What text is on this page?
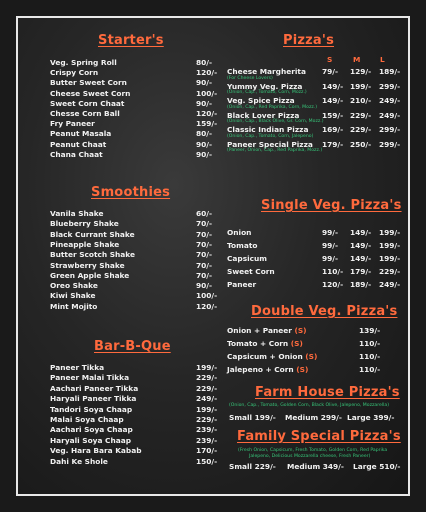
Starter's
Veg. Spring Roll	80/-
Crispy Corn	120/-
Butter Sweet Corn	90/-
Cheese Sweet Corn	100/-
Sweet Corn Chaat	90/-
Chesse Corn Ball	120/-
Fry Paneer	159/-
Peanut Masala	80/-
Peanut Chaat	90/-
Chana Chaat	90/-
Smoothies
Vanila Shake	60/-
Blueberry Shake	70/-
Black Currant Shake	70/-
Pineapple Shake	70/-
Butter Scotch Shake	70/-
Strawberry Shake	70/-
Green Apple Shake	70/-
Oreo Shake	90/-
Kiwi Shake	100/-
Mint Mojito	120/-
Bar-B-Que
Paneer Tikka	199/-
Paneer Malai Tikka	229/-
Aachari Paneer Tikka	229/-
Haryali Paneer Tikka	249/-
Tandori Soya Chaap	199/-
Malai Soya Chaap	229/-
Aachari Soya Chaap	239/-
Haryali Soya Chaap	239/-
Veg. Hara Bara Kabab	170/-
Dahi Ke Shole	150/-
Pizza's
S	M	L
Cheese Margherita 79/- 129/- 189/-
(For Cheese Lovers)
Yummy Veg. Pizza	149/- 199/- 299/-
(Onion, Cap., Tomato, Corn, Mozz.)
Veg. Spice Pizza	149/- 210/- 249/-
(Onion, Cap., Red Paprika, Corn, Mozz.)
Black Lover Pizza	159/- 229/- 249/-
(Onion, Cap., Black Olive, Gr. Corn, Mozz.)
Classic Indian Pizza 169/- 229/- 299/-
(Onion, Cap., Tomato, Corn, Jalepeno)
Paneer Special Pizza 179/- 250/- 299/-
(Paneer, Onion, Cap., Red Paprika, Mozz.)
Single Veg. Pizza's
Onion	99/- 149/- 199/-
Tomato	99/- 149/- 199/-
Capsicum	99/- 149/- 199/-
Sweet Corn	110/- 179/- 229/-
Paneer	120/- 189/- 249/-
Double Veg. Pizza's
Onion + Paneer (S)	139/-
Tomato + Corn (S)	110/-
Capsicum + Onion (S)	110/-
Jalepeno + Corn (S)	110/-
Farm House Pizza's
(Onion, Cap., Tomato, Golden Corn, Black Olive, Jalepeno, Mozzarella)
Small 199/- Medium 299/- Large 399/-
Family Special Pizza's
(Fresh Onion, Capsicum, Fresh Tomato, Golden Corn, Red Paprika
Jalepeno, Delicious Mozzarella cheese, Fresh Paneer)
Small 229/- Medium 349/- Large 510/-
